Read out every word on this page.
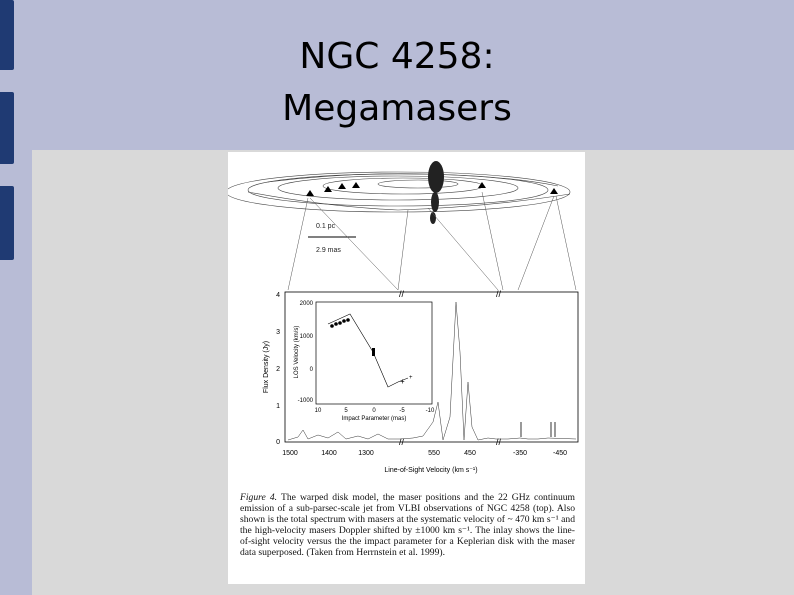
NGC 4258:
Megamasers
0.1 pc
2.9 mas
4
3
2
1
0
Flux Density (Jy)
1500	1400	1300	550	450	-350	-450
Line-of-Sight Velocity (km s⁻¹)
//	//
//	//
2000
1000
0
-1000
10	5	0	-5	-10
Impact Parameter (mas)
LOS Velocity (km/s)
+ +
Figure 4. The warped disk model, the maser positions and the 22 GHz continuum emission of a sub-parsec-scale jet from VLBI observations of NGC 4258 (top). Also shown is the total spectrum with masers at the systematic velocity of ~ 470 km s⁻¹ and the high-velocity masers Doppler shifted by ±1000 km s⁻¹. The inlay shows the line-of-sight velocity versus the the impact parameter for a Keplerian disk with the maser data superposed. (Taken from Herrnstein et al. 1999).
